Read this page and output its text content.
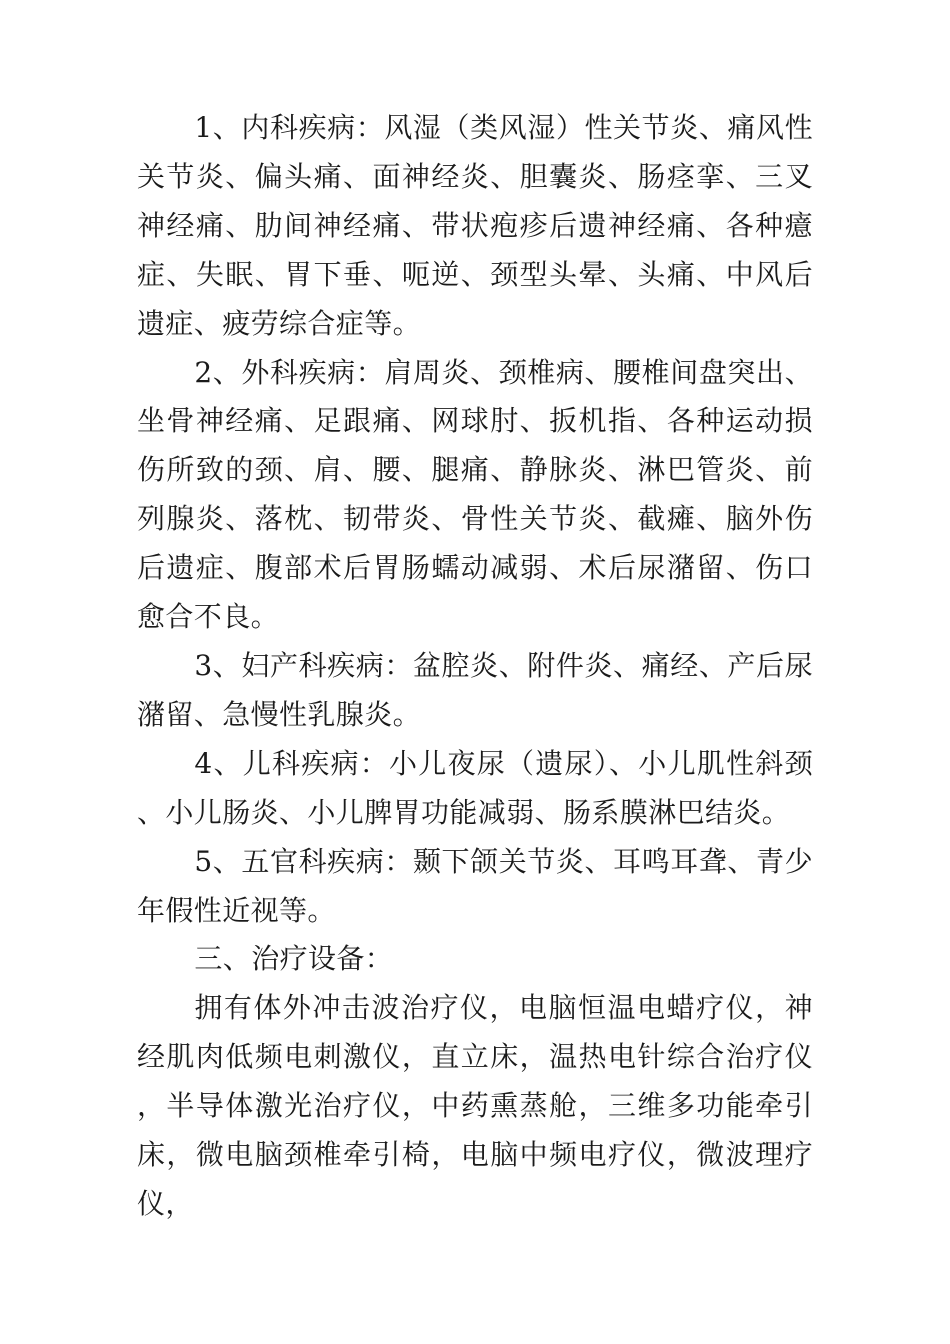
1、内科疾病：风湿（类风湿）性关节炎、痛风性关节炎、偏头痛、面神经炎、胆囊炎、肠痉挛、三叉神经痛、肋间神经痛、带状疱疹后遗神经痛、各种癔症、失眠、胃下垂、呃逆、颈型头晕、头痛、中风后遗症、疲劳综合症等。

2、外科疾病：肩周炎、颈椎病、腰椎间盘突出、坐骨神经痛、足跟痛、网球肘、扳机指、各种运动损伤所致的颈、肩、腰、腿痛、静脉炎、淋巴管炎、前列腺炎、落枕、韧带炎、骨性关节炎、截瘫、脑外伤后遗症、腹部术后胃肠蠕动减弱、术后尿潴留、伤口愈合不良。

3、妇产科疾病：盆腔炎、附件炎、痛经、产后尿潴留、急慢性乳腺炎。

4、儿科疾病：小儿夜尿（遗尿）、小儿肌性斜颈、小儿肠炎、小儿脾胃功能减弱、肠系膜淋巴结炎。

5、五官科疾病：颞下颌关节炎、耳鸣耳聋、青少年假性近视等。

三、治疗设备：

拥有体外冲击波治疗仪，电脑恒温电蜡疗仪，神经肌肉低频电刺激仪，直立床，温热电针综合治疗仪，半导体激光治疗仪，中药熏蒸舱，三维多功能牵引床，微电脑颈椎牵引椅，电脑中频电疗仪，微波理疗仪，
